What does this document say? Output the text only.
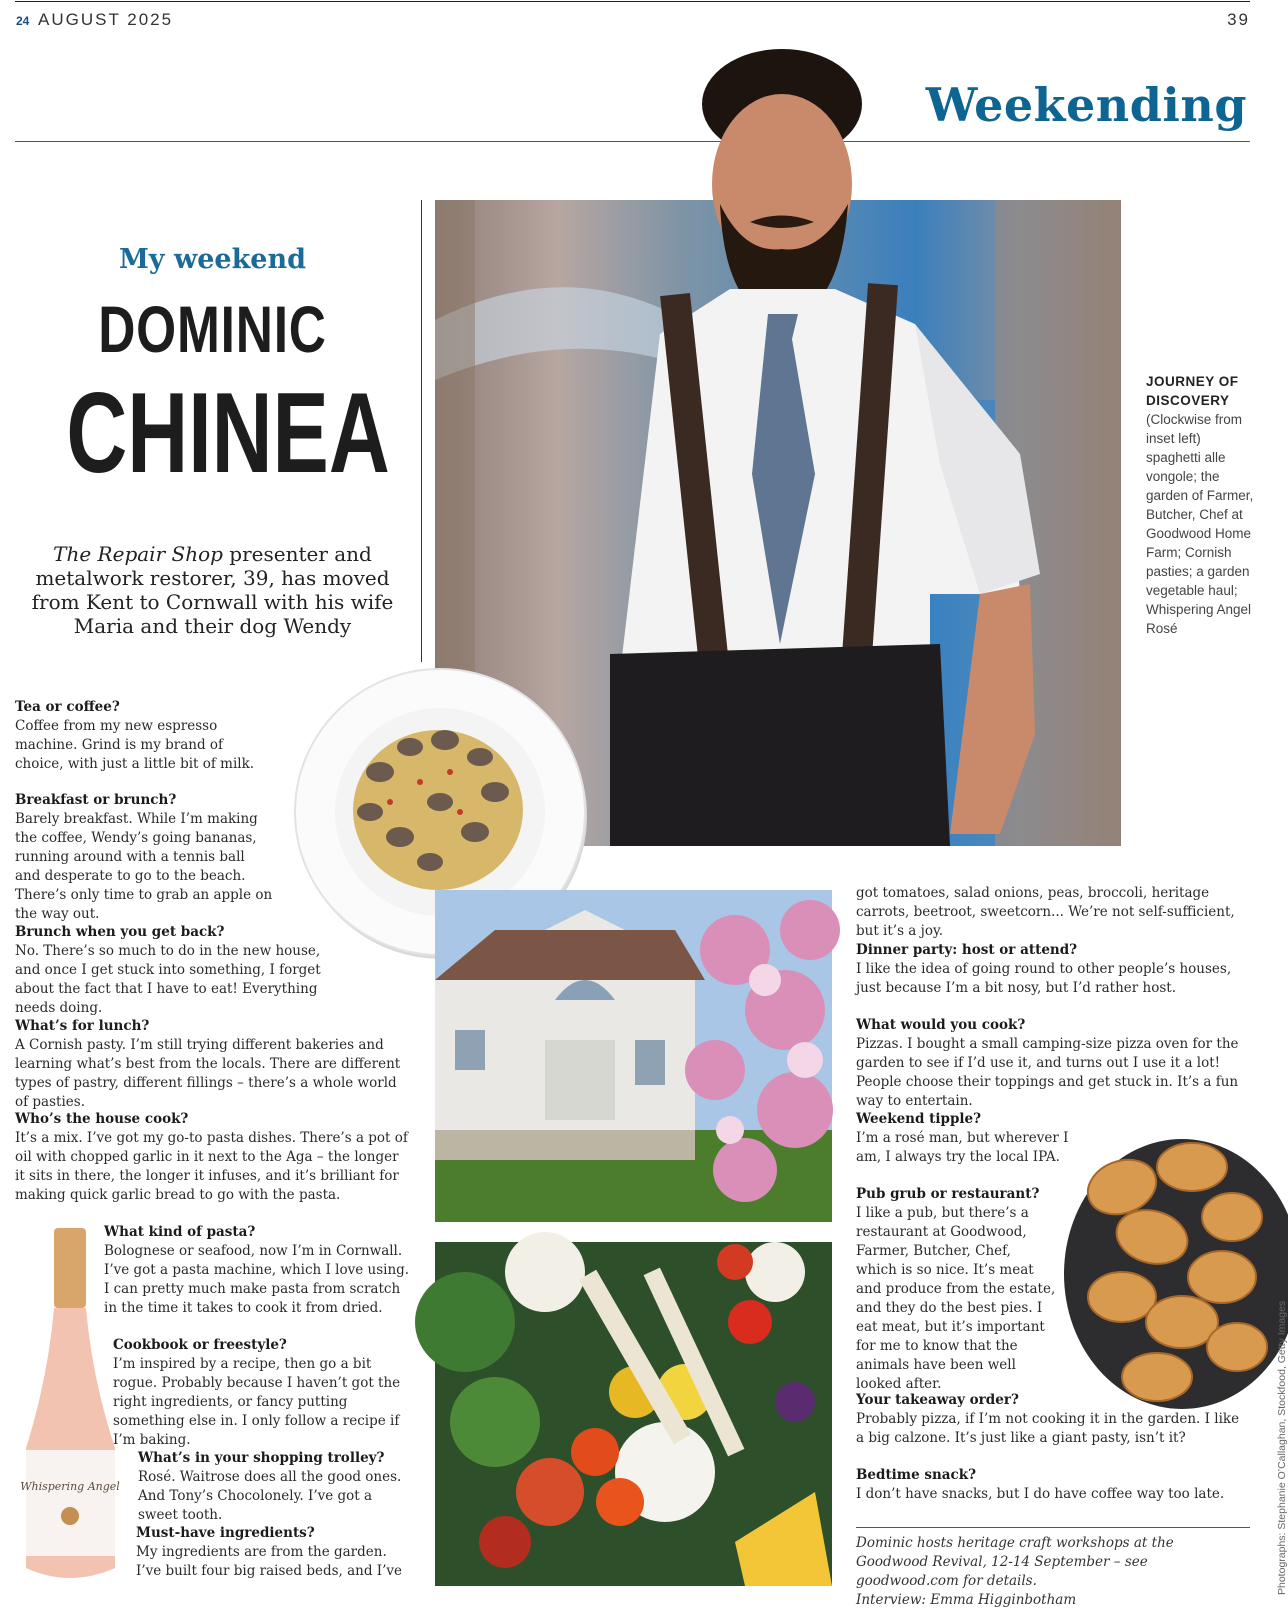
24 AUGUST 2025	39
Weekending
My weekend
DOMINIC
CHINEA
The Repair Shop presenter and metalwork restorer, 39, has moved from Kent to Cornwall with his wife Maria and their dog Wendy
JOURNEY OF DISCOVERY
(Clockwise from inset left) spaghetti alle vongole; the garden of Farmer, Butcher, Chef at Goodwood Home Farm; Cornish pasties; a garden vegetable haul; Whispering Angel Rosé
Whispering Angel
Dominic hosts heritage craft workshops at the Goodwood Revival, 12-14 September – see goodwood.com for details.
Interview: Emma Higginbotham
Photographs: Stephanie O’Callaghan, Stockfood, Getty Images
Tea or coffee?
Coffee from my new espresso machine. Grind is my brand of choice, with just a little bit of milk.
Breakfast or brunch?
Barely breakfast. While I’m making the coffee, Wendy’s going bananas, running around with a tennis ball and desperate to go to the beach. There’s only time to grab an apple on the way out.
Brunch when you get back?
No. There’s so much to do in the new house, and once I get stuck into something, I forget about the fact that I have to eat! Everything needs doing.
What’s for lunch?
A Cornish pasty. I’m still trying different bakeries and learning what’s best from the locals. There are different types of pastry, different fillings – there’s a whole world of pasties.
Who’s the house cook?
It’s a mix. I’ve got my go-to pasta dishes. There’s a pot of oil with chopped garlic in it next to the Aga – the longer it sits in there, the longer it infuses, and it’s brilliant for making quick garlic bread to go with the pasta.
What kind of pasta?
Bolognese or seafood, now I’m in Cornwall. I’ve got a pasta machine, which I love using. I can pretty much make pasta from scratch in the time it takes to cook it from dried.
Cookbook or freestyle?
I’m inspired by a recipe, then go a bit rogue. Probably because I haven’t got the right ingredients, or fancy putting something else in. I only follow a recipe if I’m baking.
What’s in your shopping trolley?
Rosé. Waitrose does all the good ones. And Tony’s Chocolonely. I’ve got a sweet tooth.
Must-have ingredients?
My ingredients are from the garden. I’ve built four big raised beds, and I’ve
got tomatoes, salad onions, peas, broccoli, heritage carrots, beetroot, sweetcorn... We’re not self-sufficient, but it’s a joy.
Dinner party: host or attend?
I like the idea of going round to other people’s houses, just because I’m a bit nosy, but I’d rather host.
What would you cook?
Pizzas. I bought a small camping-size pizza oven for the garden to see if I’d use it, and turns out I use it a lot! People choose their toppings and get stuck in. It’s a fun way to entertain.
Weekend tipple?
I’m a rosé man, but wherever I am, I always try the local IPA.
Pub grub or restaurant?
I like a pub, but there’s a restaurant at Goodwood, Farmer, Butcher, Chef, which is so nice. It’s meat and produce from the estate, and they do the best pies. I eat meat, but it’s important for me to know that the animals have been well looked after.
Your takeaway order?
Probably pizza, if I’m not cooking it in the garden. I like a big calzone. It’s just like a giant pasty, isn’t it?
Bedtime snack?
I don’t have snacks, but I do have coffee way too late.
